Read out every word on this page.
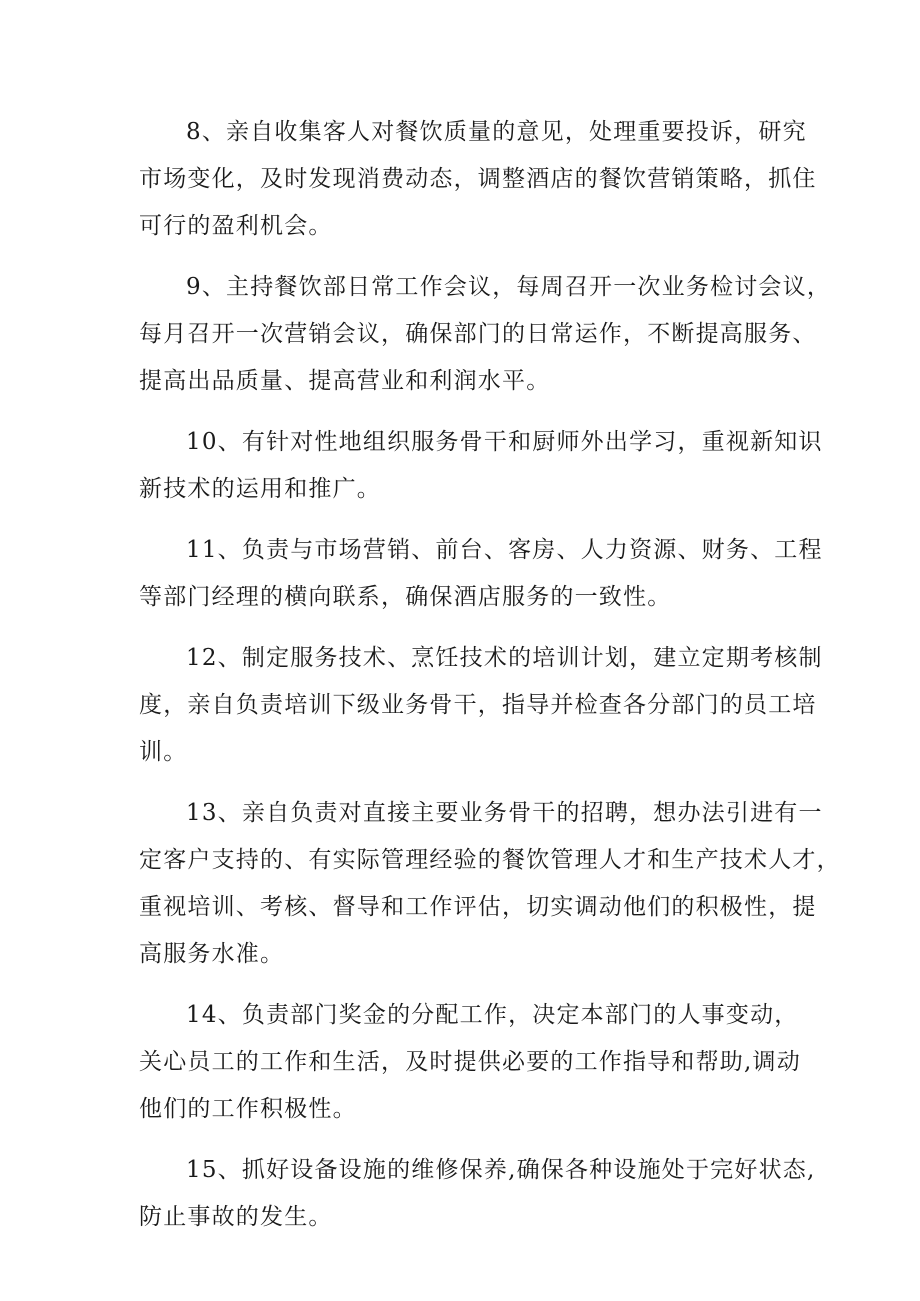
8、亲自收集客人对餐饮质量的意见，处理重要投诉，研究
市场变化，及时发现消费动态，调整酒店的餐饮营销策略，抓住
可行的盈利机会。

9、主持餐饮部日常工作会议，每周召开一次业务检讨会议，
每月召开一次营销会议，确保部门的日常运作，不断提高服务、
提高出品质量、提高营业和利润水平。

10、有针对性地组织服务骨干和厨师外出学习，重视新知识
新技术的运用和推广。

11、负责与市场营销、前台、客房、人力资源、财务、工程
等部门经理的横向联系，确保酒店服务的一致性。

12、制定服务技术、烹饪技术的培训计划，建立定期考核制
度，亲自负责培训下级业务骨干，指导并检查各分部门的员工培
训。

13、亲自负责对直接主要业务骨干的招聘，想办法引进有一
定客户支持的、有实际管理经验的餐饮管理人才和生产技术人才，
重视培训、考核、督导和工作评估，切实调动他们的积极性，提
高服务水准。

14、负责部门奖金的分配工作，决定本部门的人事变动，
关心员工的工作和生活，及时提供必要的工作指导和帮助,调动
他们的工作积极性。

15、抓好设备设施的维修保养,确保各种设施处于完好状态,
防止事故的发生。
